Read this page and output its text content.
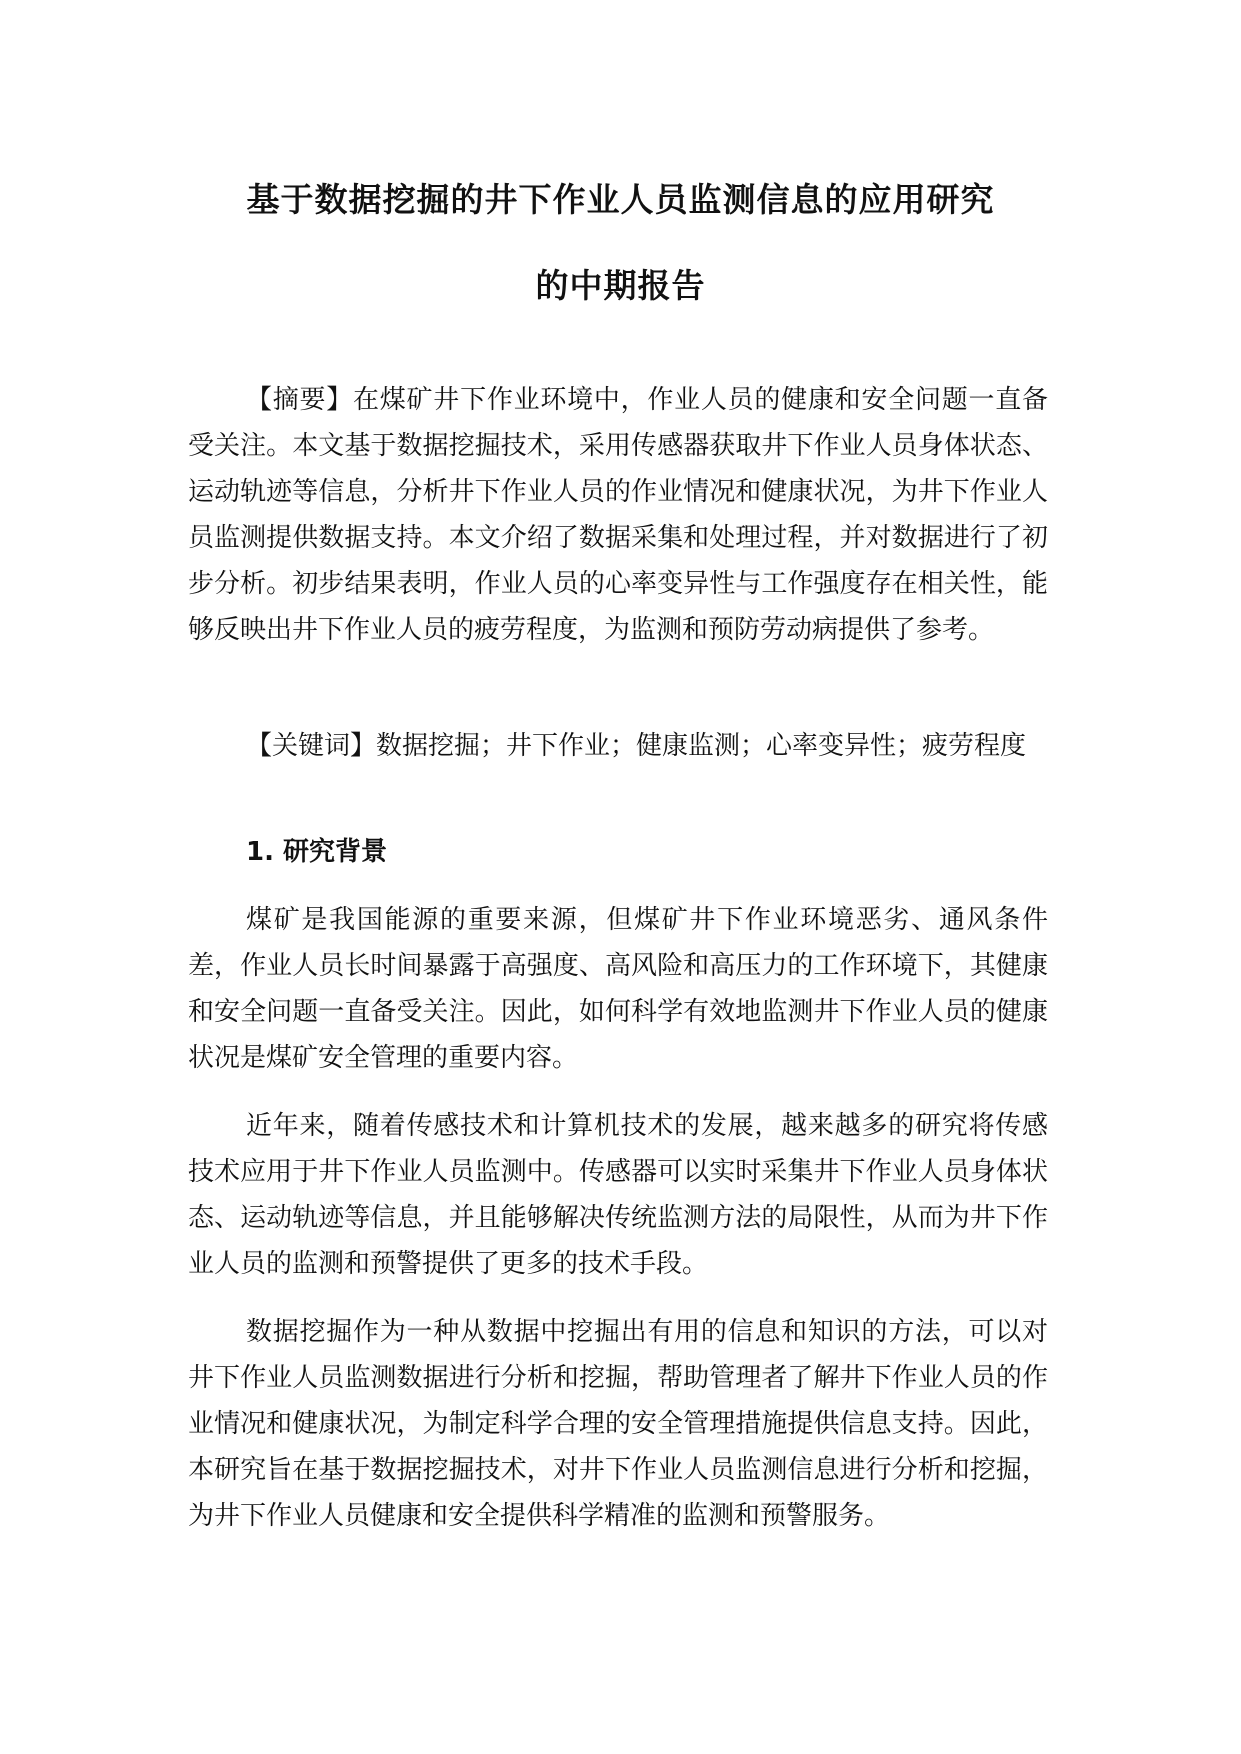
基于数据挖掘的井下作业人员监测信息的应用研究
的中期报告

【摘要】在煤矿井下作业环境中，作业人员的健康和安全问题一直备受关注。本文基于数据挖掘技术，采用传感器获取井下作业人员身体状态、运动轨迹等信息，分析井下作业人员的作业情况和健康状况，为井下作业人员监测提供数据支持。本文介绍了数据采集和处理过程，并对数据进行了初步分析。初步结果表明，作业人员的心率变异性与工作强度存在相关性，能够反映出井下作业人员的疲劳程度，为监测和预防劳动病提供了参考。

【关键词】数据挖掘；井下作业；健康监测；心率变异性；疲劳程度

1. 研究背景

煤矿是我国能源的重要来源，但煤矿井下作业环境恶劣、通风条件差，作业人员长时间暴露于高强度、高风险和高压力的工作环境下，其健康和安全问题一直备受关注。因此，如何科学有效地监测井下作业人员的健康状况是煤矿安全管理的重要内容。

近年来，随着传感技术和计算机技术的发展，越来越多的研究将传感技术应用于井下作业人员监测中。传感器可以实时采集井下作业人员身体状态、运动轨迹等信息，并且能够解决传统监测方法的局限性，从而为井下作业人员的监测和预警提供了更多的技术手段。

数据挖掘作为一种从数据中挖掘出有用的信息和知识的方法，可以对井下作业人员监测数据进行分析和挖掘，帮助管理者了解井下作业人员的作业情况和健康状况，为制定科学合理的安全管理措施提供信息支持。因此，本研究旨在基于数据挖掘技术，对井下作业人员监测信息进行分析和挖掘，为井下作业人员健康和安全提供科学精准的监测和预警服务。
